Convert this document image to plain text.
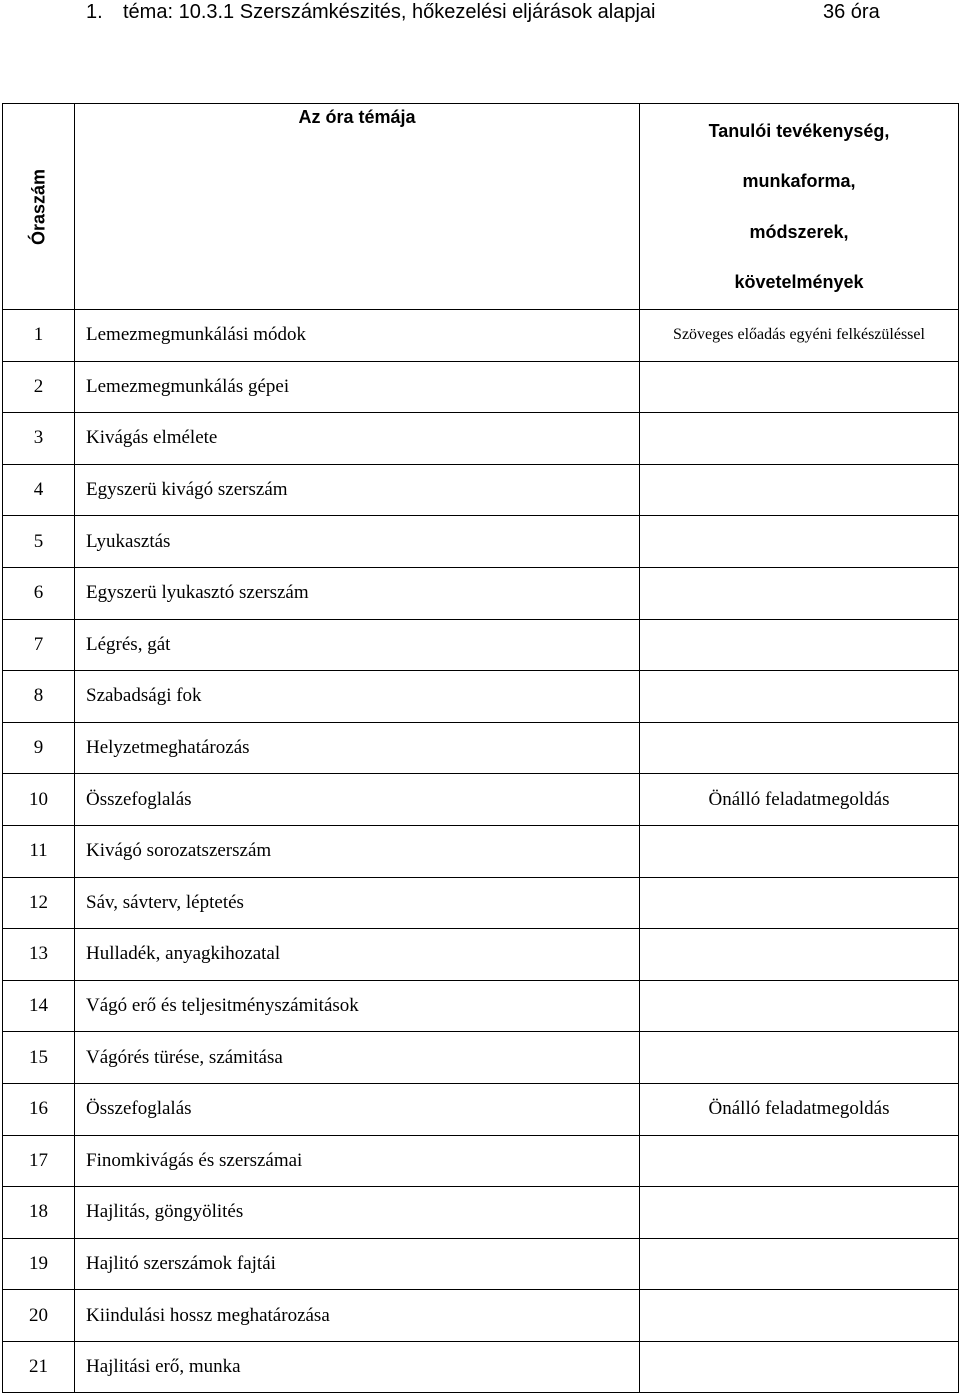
1. téma: 10.3.1 Szerszámkészités, hőkezelési eljárások alapjai	36 óra
Óraszám	Az óra témája	Tanulói tevékenység,
munkaforma,
módszerek,
követelmények

1	Lemezmegmunkálási módok	Szöveges előadás egyéni felkészüléssel
2	Lemezmegmunkálás gépei	
3	Kivágás elmélete	
4	Egyszerü kivágó szerszám	
5	Lyukasztás	
6	Egyszerü lyukasztó szerszám	
7	Légrés, gát	
8	Szabadsági fok	
9	Helyzetmeghatározás	
10	Összefoglalás	Önálló feladatmegoldás
11	Kivágó sorozatszerszám	
12	Sáv, sávterv, léptetés	
13	Hulladék, anyagkihozatal	
14	Vágó erő és teljesitményszámitások	
15	Vágórés türése, számitása	
16	Összefoglalás	Önálló feladatmegoldás
17	Finomkivágás és szerszámai	
18	Hajlitás, göngyölités	
19	Hajlitó szerszámok fajtái	
20	Kiindulási hossz meghatározása	
21	Hajlitási erő, munka	
